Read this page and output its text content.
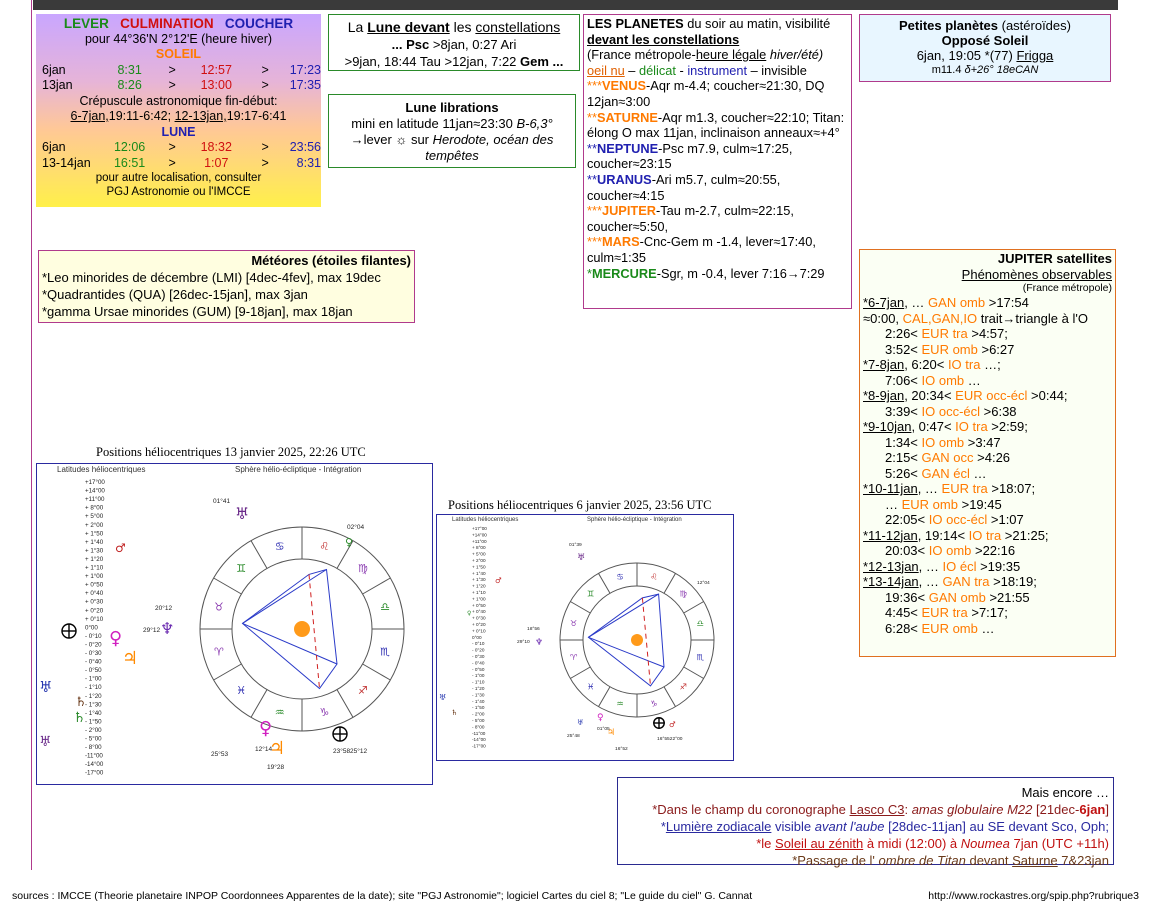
LEVER CULMINATION COUCHER
pour 44°36'N 2°12'E (heure hiver)
SOLEIL
6jan	8:31	>	12:57	>	17:23
13jan	8:26	>	13:00	>	17:35
Crépuscule astronomique fin-début:
6-7jan,19:11-6:42; 12-13jan,19:17-6:41
LUNE
6jan	12:06	>	18:32	>	23:56
13-14jan	16:51	>	1:07	>	8:31
pour autre localisation, consulter
PGJ Astronomie ou l'IMCCE
La Lune devant les constellations
... Psc >8jan, 0:27 Ari
>9jan, 18:44 Tau >12jan, 7:22 Gem ...
Lune librations
mini en latitude 11jan≈23:30 B-6,3°
→lever ☼ sur Herodote, océan des
tempêtes
LES PLANETES du soir au matin, visibilité
devant les constellations
(France métropole-heure légale hiver/été)
oeil nu – délicat - instrument – invisible
***VENUS-Aqr m-4.4; coucher≈21:30, DQ 12jan≈3:00
**SATURNE-Aqr m1.3, coucher≈22:10; Titan: élong O max 11jan, inclinaison anneaux≈+4°
**NEPTUNE-Psc m7.9, culm≈17:25, coucher≈23:15
**URANUS-Ari m5.7, culm≈20:55, coucher≈4:15
***JUPITER-Tau m-2.7, culm≈22:15, coucher≈5:50,
***MARS-Cnc-Gem m -1.4, lever≈17:40, culm≈1:35
*MERCURE-Sgr, m -0.4, lever 7:16→7:29
Petites planètes (astéroïdes)
Opposé Soleil
6jan, 19:05 *(77) Frigga
m11.4 δ+26° 18eCAN
Météores (étoiles filantes)
*Leo minorides de décembre (LMI) [4dec-4fev], max 19dec
*Quadrantides (QUA) [26dec-15jan], max 3jan
*gamma Ursae minorides (GUM) [9-18jan], max 18jan
JUPITER satellites
Phénomènes observables
(France métropole)
*6-7jan, … GAN omb >17:54
≈0:00, CAL,GAN,IO trait→triangle à l'O
2:26< EUR tra >4:57;
3:52< EUR omb >6:27
*7-8jan, 6:20< IO tra …;
7:06< IO omb …
*8-9jan, 20:34< EUR occ-écl >0:44;
3:39< IO occ-écl >6:38
*9-10jan, 0:47< IO tra >2:59;
1:34< IO omb >3:47
2:15< GAN occ >4:26
5:26< GAN écl …
*10-11jan, … EUR tra >18:07;
… EUR omb >19:45
22:05< IO occ-écl >1:07
*11-12jan, 19:14< IO tra >21:25;
20:03< IO omb >22:16
*12-13jan, … IO écl >19:35
*13-14jan, … GAN tra >18:19;
19:36< GAN omb >21:55
4:45< EUR tra >7:17;
6:28< EUR omb …
Positions héliocentriques 13 janvier 2025, 22:26 UTC
Positions héliocentriques 6 janvier 2025, 23:56 UTC
Latitudes héliocentriques	Sphère hélio-écliptique - Intégration
+17°00
+14°00
+11°00
+ 8°00
+ 5°00
+ 2°00
+ 1°50
+ 1°40
+ 1°30
+ 1°20
+ 1°10
+ 1°00
+ 0°50
+ 0°40
+ 0°30
+ 0°20
+ 0°10
0°00
- 0°10
- 0°20
- 0°30
- 0°40
- 0°50
- 1°00
- 1°10
- 1°20
- 1°30
- 1°40
- 1°50
- 2°00
- 5°00
- 8°00
-11°00
-14°00
-17°00
♈
♓
♒	♑
♐
♏
♎
♍
♌
♋
♊
♉
♂
♅
♀
♆
♀
♃
♅
♄
♄
♅
♀
♃
01°41
02°04
20°12
29°12
25°53
12°14	23°5825°12
19°28
Latitudes héliocentriques	Sphère hélio-écliptique - Intégration
+17°00
+14°00
+11°00
+ 8°00
+ 5°00
+ 2°00
+ 1°50
+ 1°40
+ 1°30
+ 1°20
+ 1°10
+ 1°00
+ 0°50
+ 0°40
+ 0°30
+ 0°20
+ 0°10
0°00
- 0°10
- 0°20
- 0°30
- 0°40
- 0°50
- 1°00
- 1°10
- 1°20
- 1°30
- 1°40
- 1°50
- 2°00
- 5°00
- 8°00
-11°00
-14°00
-17°00
♈
♓
♒	♑
♐
♏
♎
♍
♌
♋
♊
♉
♂
♅
♀
♆
♅
♄
♅ ♀
♃
♂
01°39
12°04
18°56
29°10
25°48
01°05
16°52
16°5522°00
Mais encore …
*Dans le champ du coronographe Lasco C3: amas globulaire M22 [21dec-6jan]
*Lumière zodiacale visible avant l'aube [28dec-11jan] au SE devant Sco, Oph;
*le Soleil au zénith à midi (12:00) à Noumea 7jan (UTC +11h)
*Passage de l' ombre de Titan devant Saturne 7&23jan
sources : IMCCE (Theorie planetaire INPOP Coordonnees Apparentes de la date); site "PGJ Astronomie"; logiciel Cartes du ciel 8; "Le guide du ciel" G. Cannat	http://www.rockastres.org/spip.php?rubrique3
